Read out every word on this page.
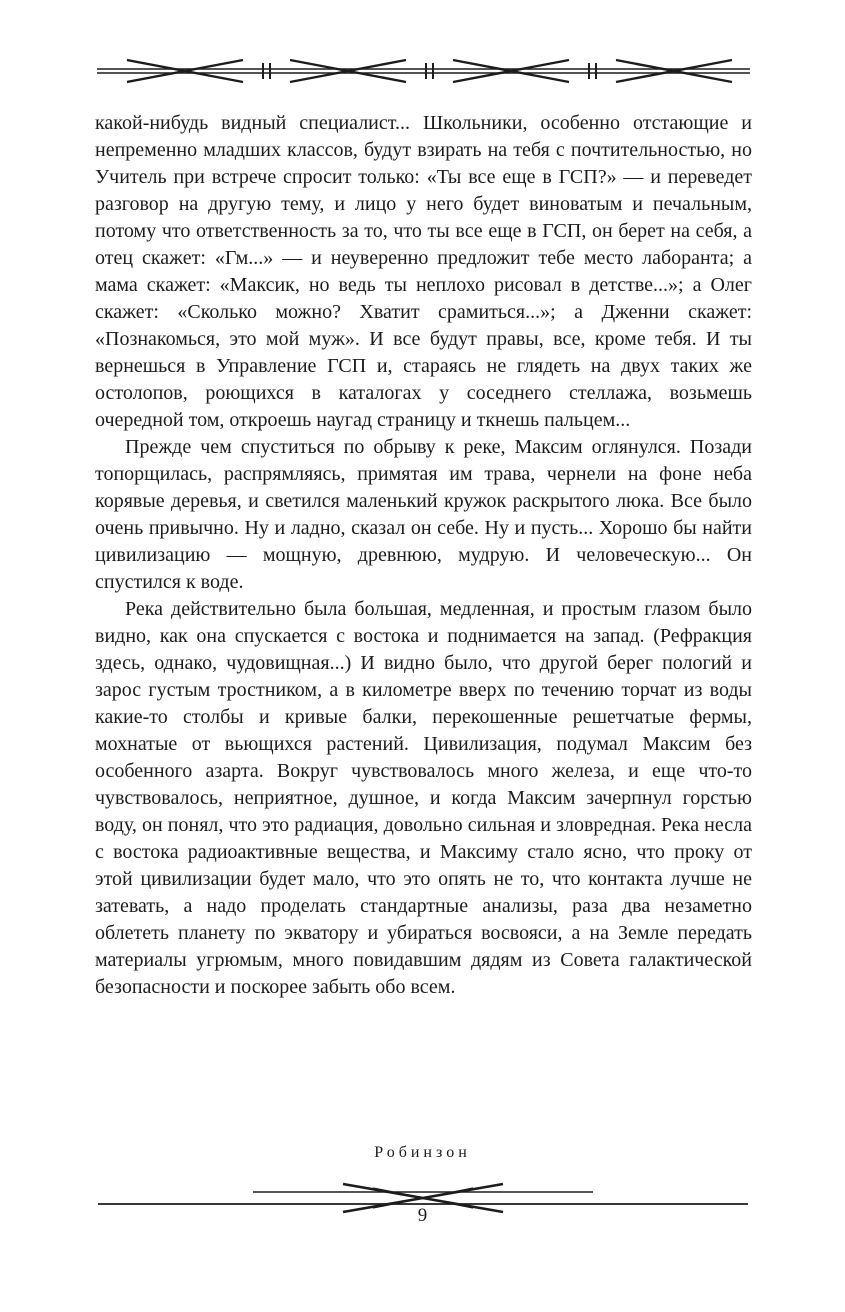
какой-нибудь видный специалист... Школьники, особенно отстающие и непременно младших классов, будут взирать на тебя с почтительностью, но Учитель при встрече спросит только: «Ты все еще в ГСП?» — и переведет разговор на другую тему, и лицо у него будет виноватым и печальным, потому что ответственность за то, что ты все еще в ГСП, он берет на себя, а отец скажет: «Гм...» — и неуверенно предложит тебе место лаборанта; а мама скажет: «Максик, но ведь ты неплохо рисовал в детстве...»; а Олег скажет: «Сколько можно? Хватит срамиться...»; а Дженни скажет: «Познакомься, это мой муж». И все будут правы, все, кроме тебя. И ты вернешься в Управление ГСП и, стараясь не глядеть на двух таких же остолопов, роющихся в каталогах у соседнего стеллажа, возьмешь очередной том, откроешь наугад страницу и ткнешь пальцем...

Прежде чем спуститься по обрыву к реке, Максим оглянулся. Позади топорщилась, распрямляясь, примятая им трава, чернели на фоне неба корявые деревья, и светился маленький кружок раскрытого люка. Все было очень привычно. Ну и ладно, сказал он себе. Ну и пусть... Хорошо бы найти цивилизацию — мощную, древнюю, мудрую. И человеческую... Он спустился к воде.

Река действительно была большая, медленная, и простым глазом было видно, как она спускается с востока и поднимается на запад. (Рефракция здесь, однако, чудовищная...) И видно было, что другой берег пологий и зарос густым тростником, а в километре вверх по течению торчат из воды какие-то столбы и кривые балки, перекошенные решетчатые фермы, мохнатые от вьющихся растений. Цивилизация, подумал Максим без особенного азарта. Вокруг чувствовалось много железа, и еще что-то чувствовалось, неприятное, душное, и когда Максим зачерпнул горстью воду, он понял, что это радиация, довольно сильная и зловредная. Река несла с востока радиоактивные вещества, и Максиму стало ясно, что проку от этой цивилизации будет мало, что это опять не то, что контакта лучше не затевать, а надо проделать стандартные анализы, раза два незаметно облететь планету по экватору и убираться восвояси, а на Земле передать материалы угрюмым, много повидавшим дядям из Совета галактической безопасности и поскорее забыть обо всем.

Робинзон
9
